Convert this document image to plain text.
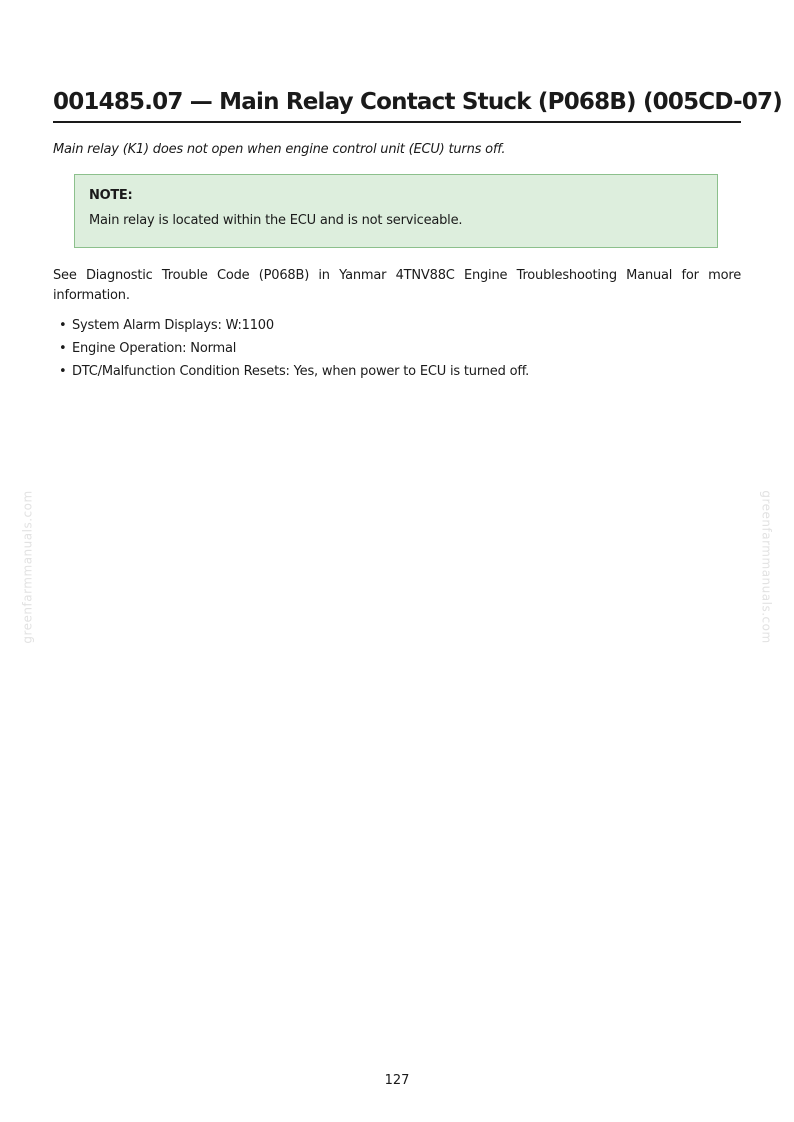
001485.07 — Main Relay Contact Stuck (P068B) (005CD-07)

Main relay (K1) does not open when engine control unit (ECU) turns off.

NOTE:

Main relay is located within the ECU and is not serviceable.

See Diagnostic Trouble Code (P068B) in Yanmar 4TNV88C Engine Troubleshooting Manual for more information.

• System Alarm Displays: W:1100
• Engine Operation: Normal
• DTC/Malfunction Condition Resets: Yes, when power to ECU is turned off.
greenfarmmanuals.com	greenfarmmanuals.com
127
